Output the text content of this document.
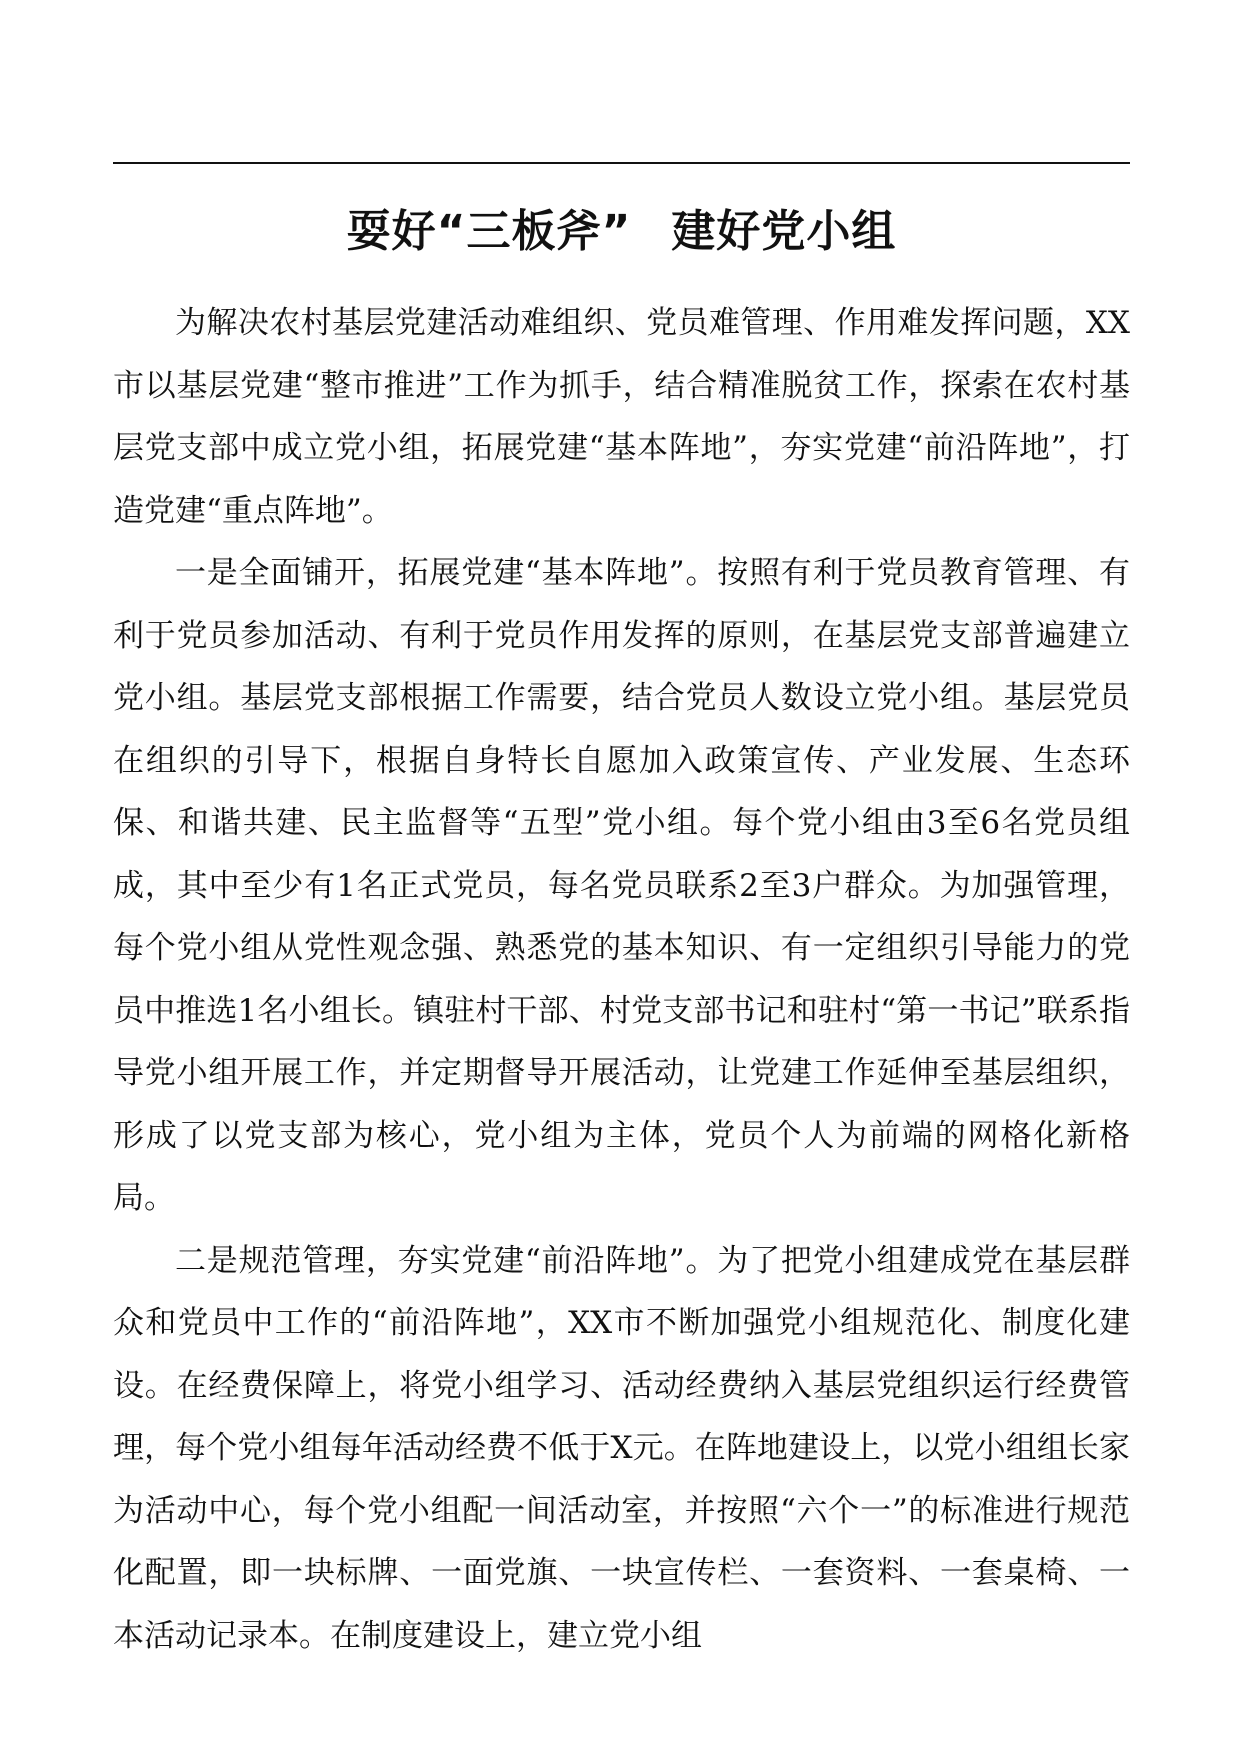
耍好“三板斧” 建好党小组

为解决农村基层党建活动难组织、党员难管理、作用难发挥问题，XX市以基层党建“整市推进”工作为抓手，结合精准脱贫工作，探索在农村基层党支部中成立党小组，拓展党建“基本阵地”，夯实党建“前沿阵地”，打造党建“重点阵地”。

一是全面铺开，拓展党建“基本阵地”。按照有利于党员教育管理、有利于党员参加活动、有利于党员作用发挥的原则，在基层党支部普遍建立党小组。基层党支部根据工作需要，结合党员人数设立党小组。基层党员在组织的引导下，根据自身特长自愿加入政策宣传、产业发展、生态环保、和谐共建、民主监督等“五型”党小组。每个党小组由3至6名党员组成，其中至少有1名正式党员，每名党员联系2至3户群众。为加强管理，每个党小组从党性观念强、熟悉党的基本知识、有一定组织引导能力的党员中推选1名小组长。镇驻村干部、村党支部书记和驻村“第一书记”联系指导党小组开展工作，并定期督导开展活动，让党建工作延伸至基层组织，形成了以党支部为核心，党小组为主体，党员个人为前端的网格化新格局。

二是规范管理，夯实党建“前沿阵地”。为了把党小组建成党在基层群众和党员中工作的“前沿阵地”，XX市不断加强党小组规范化、制度化建设。在经费保障上，将党小组学习、活动经费纳入基层党组织运行经费管理，每个党小组每年活动经费不低于X元。在阵地建设上，以党小组组长家为活动中心，每个党小组配一间活动室，并按照“六个一”的标准进行规范化配置，即一块标牌、一面党旗、一块宣传栏、一套资料、一套桌椅、一本活动记录本。在制度建设上，建立党小组
